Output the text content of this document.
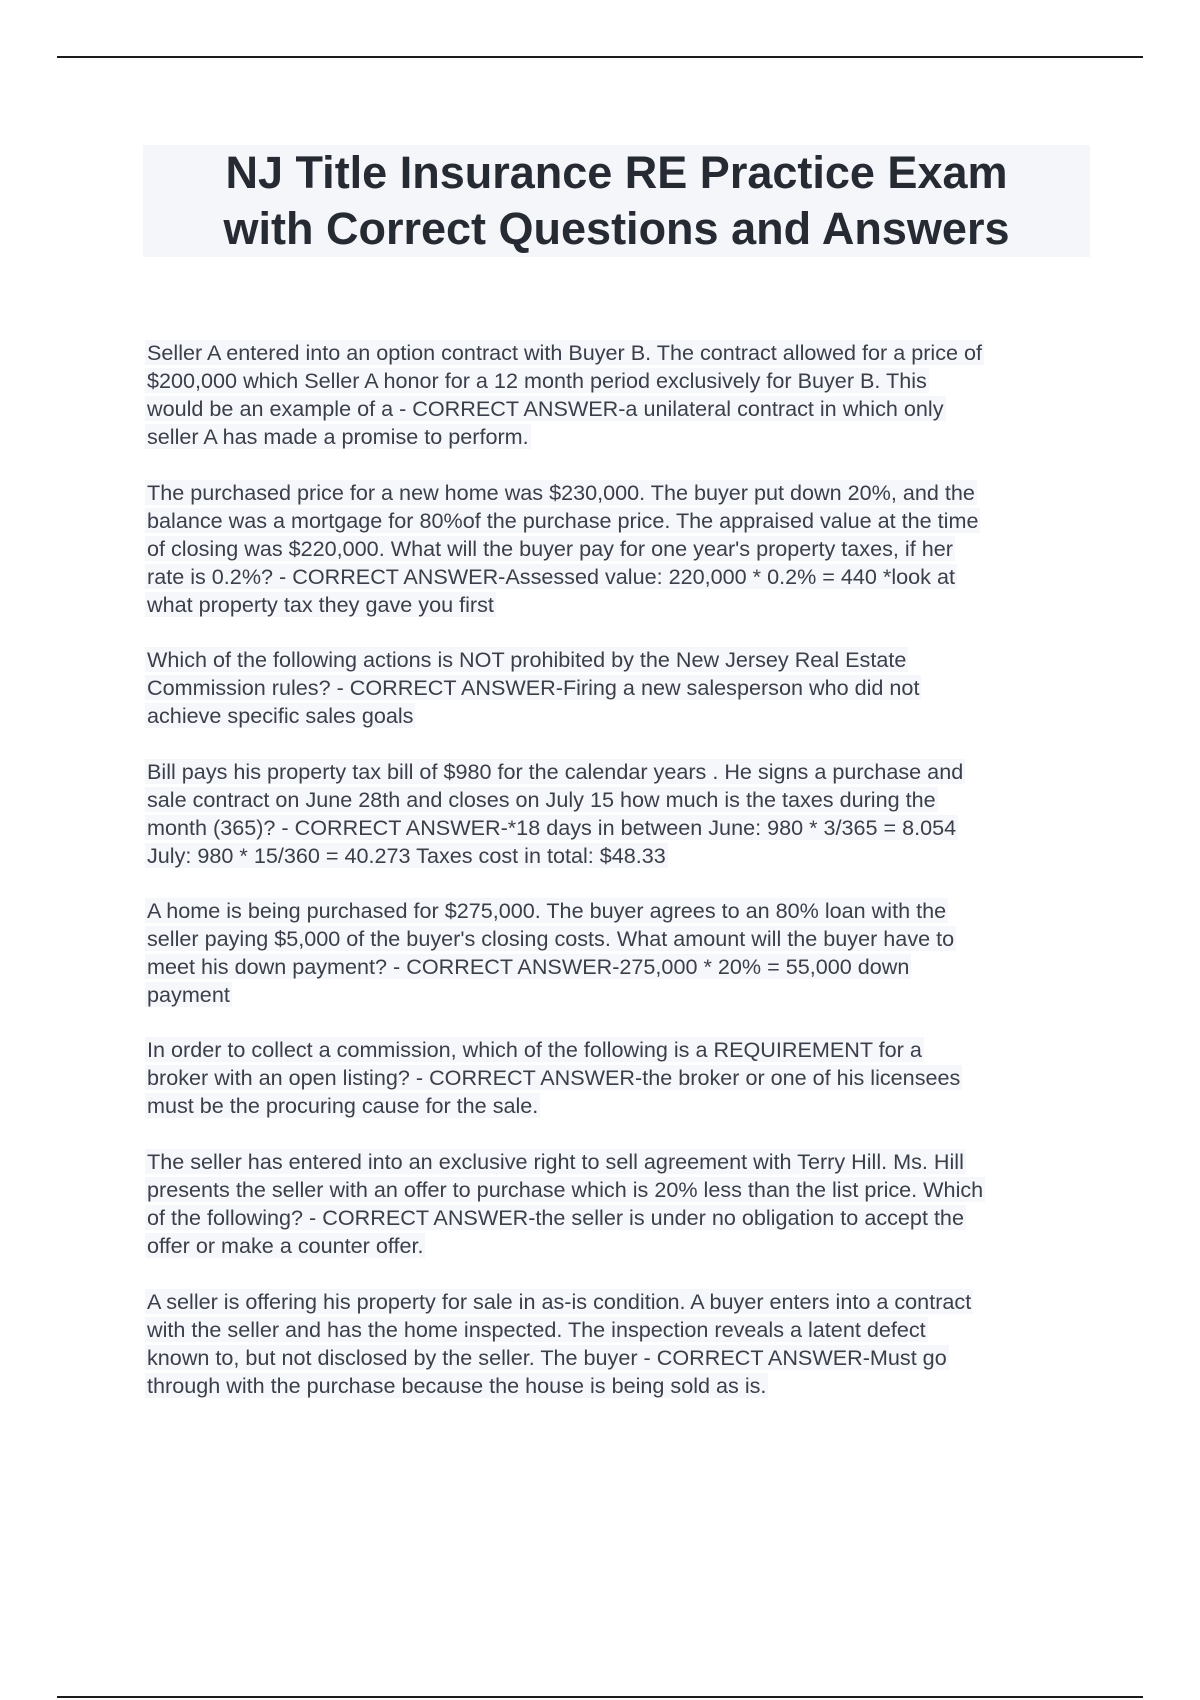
NJ Title Insurance RE Practice Exam
with Correct Questions and Answers
Seller A entered into an option contract with Buyer B. The contract allowed for a price of
$200,000 which Seller A honor for a 12 month period exclusively for Buyer B. This
would be an example of a - CORRECT ANSWER-a unilateral contract in which only
seller A has made a promise to perform.
The purchased price for a new home was $230,000. The buyer put down 20%, and the
balance was a mortgage for 80%of the purchase price. The appraised value at the time
of closing was $220,000. What will the buyer pay for one year's property taxes, if her
rate is 0.2%? - CORRECT ANSWER-Assessed value: 220,000 * 0.2% = 440 *look at
what property tax they gave you first
Which of the following actions is NOT prohibited by the New Jersey Real Estate
Commission rules? - CORRECT ANSWER-Firing a new salesperson who did not
achieve specific sales goals
Bill pays his property tax bill of $980 for the calendar years . He signs a purchase and
sale contract on June 28th and closes on July 15 how much is the taxes during the
month (365)? - CORRECT ANSWER-*18 days in between June: 980 * 3/365 = 8.054
July: 980 * 15/360 = 40.273 Taxes cost in total: $48.33
A home is being purchased for $275,000. The buyer agrees to an 80% loan with the
seller paying $5,000 of the buyer's closing costs. What amount will the buyer have to
meet his down payment? - CORRECT ANSWER-275,000 * 20% = 55,000 down
payment
In order to collect a commission, which of the following is a REQUIREMENT for a
broker with an open listing? - CORRECT ANSWER-the broker or one of his licensees
must be the procuring cause for the sale.
The seller has entered into an exclusive right to sell agreement with Terry Hill. Ms. Hill
presents the seller with an offer to purchase which is 20% less than the list price. Which
of the following? - CORRECT ANSWER-the seller is under no obligation to accept the
offer or make a counter offer.
A seller is offering his property for sale in as-is condition. A buyer enters into a contract
with the seller and has the home inspected. The inspection reveals a latent defect
known to, but not disclosed by the seller. The buyer - CORRECT ANSWER-Must go
through with the purchase because the house is being sold as is.
